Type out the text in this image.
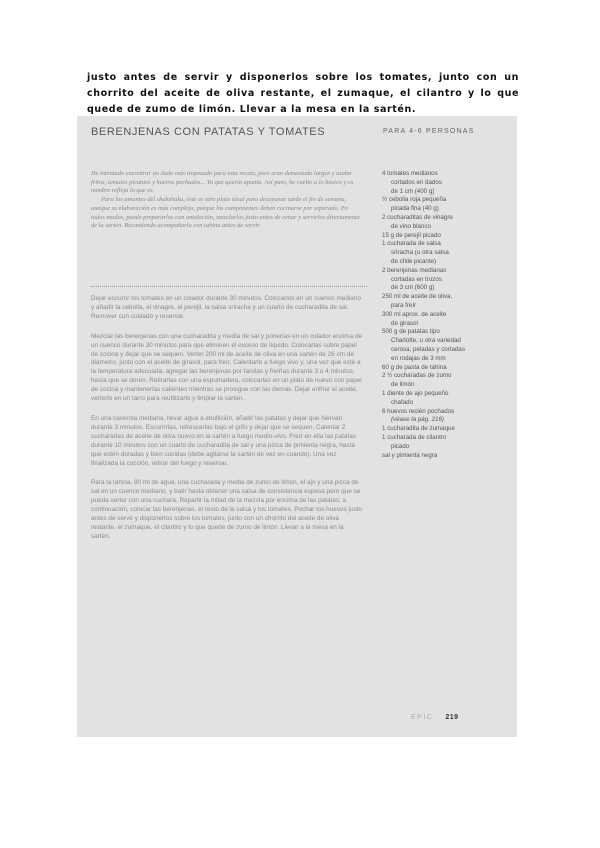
justo antes de servir y disponerlos sobre los tomates, junto con un chorrito del aceite de oliva restante, el zumaque, el cilantro y lo que quede de zumo de limón. Llevar a la mesa en la sartén.
BERENJENAS CON PATATAS Y TOMATES	PARA 4-6 PERSONAS

He intentado encontrar un dado más tropezado para esta receta, pero eran demasiado largos y usaba fritos, tomates picantes y huevos pochados... Yo que quería apunta. Así pues, he vuelto a lo básico y es nombre refleja lo que es.

Para los amantes del shakshuka, éste es otro plato ideal para desayunar tarde el fin de semana, aunque su elaboración es más compleja, porque los componentes deben cocinarse por separado. En todos modos, puede prepararlos con antelación, mezclarlos justo antes de cenar y servirlos directamente de la sartén. Recomiendo acompañarla con tahina antes de servir.

Dejar escurrir los tomates en un colador durante 30 minutos. Colocarlos en un cuenco mediano y añadir la cebolla, el vinagre, el perejil, la salsa sriracha y un cuarto de cucharadita de sal. Remover con cuidado y reservar.

Mezclar las berenjenas con una cucharadita y media de sal y ponerlas en un colador encima de un cuenco durante 30 minutos para que eliminen el exceso de líquido. Colocarlas sobre papel de cocina y dejar que se sequen. Verter 200 ml de aceite de oliva en una sartén de 26 cm de diámetro, junto con el aceite de girasol, para freír. Calentarlo a fuego vivo y, una vez que esté a la temperatura adecuada, agregar las berenjenas por tandas y freírlas durante 3 o 4 minutos, hasta que se doren. Retirarlas con una espumadera, colocarlas en un plato de nuevo con papel de cocina y mantenerlas calientes mientras se prosigue con las demás. Dejar enfriar el aceite, verterlo en un tarro para reutilizarlo y limpiar la sartén.

En una cacerola mediana, llevar agua a ebullición, añadir las patatas y dejar que hiervan durante 3 minutos. Escurrirlas, refrescarlas bajo el grifo y dejar que se sequen. Calentar 2 cucharadas de aceite de oliva nuevo en la sartén a fuego medio-vivo. Freír en ella las patatas durante 10 minutos con un cuarto de cucharadita de sal y una pizca de pimienta negra, hasta que estén doradas y bien cocidas (debe agitarse la sartén de vez en cuando). Una vez finalizada la cocción, retirar del fuego y reservar.

Para la tahina, 80 ml de agua, una cucharada y media de zumo de limón, el ajo y una pizca de sal en un cuenco mediano, y batir hasta obtener una salsa de consistencia espesa pero que se pueda verter con una cuchara. Repartir la mitad de la mezcla por encima de las patatas; a continuación, colocar las berenjenas, el resto de la salsa y los tomates. Pochar los huevos justo antes de servir y disponerlos sobre los tomates, junto con un chorrito del aceite de oliva restante, el zumaque, el cilantro y lo que quede de zumo de limón. Llevar a la mesa en la sartén.

4 tomates medianos
cortados en dados
de 1 cm (400 g)
½ cebolla roja pequeña
picada fina (40 g)
2 cucharaditas de vinagre
de vino blanco
15 g de perejil picado
1 cucharada de salsa
sriracha (u otra salsa
de chile picante)
2 berenjenas medianas
cortadas en trozos
de 3 cm (600 g)
250 ml de aceite de oliva,
para freír
300 ml aprox. de aceite
de girasol
500 g de patatas tipo
Charlotte, u otra variedad
cerosa, peladas y cortadas
en rodajas de 3 mm
60 g de pasta de tahina
2 ½ cucharadas de zumo
de limón
1 diente de ajo pequeño
chafado
6 huevos recién pochados
(véase la pág. 216)
1 cucharadita de zumaque
1 cucharada de cilantro
picado
sal y pimienta negra
EPIC 219
